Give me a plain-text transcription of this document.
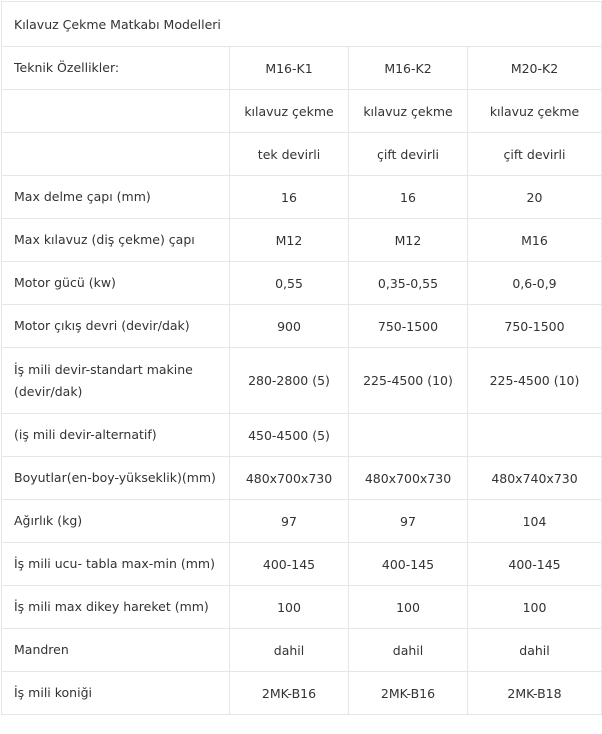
Kılavuz Çekme Matkabı Modelleri			
Teknik Özellikler:	M16-K1	M16-K2	M20-K2
	kılavuz çekme	kılavuz çekme	kılavuz çekme
	tek devirli	çift devirli	çift devirli
Max delme çapı (mm)	16	16	20
Max kılavuz (diş çekme) çapı	M12	M12	M16
Motor gücü (kw)	0,55	0,35-0,55	0,6-0,9
Motor çıkış devri (devir/dak)	900	750-1500	750-1500
İş mili devir-standart makine (devir/dak)	280-2800 (5)	225-4500 (10)	225-4500 (10)
(iş mili devir-alternatif)	450-4500 (5)		
Boyutlar(en-boy-yükseklik)(mm)	480x700x730	480x700x730	480x740x730
Ağırlık (kg)	97	97	104
İş mili ucu- tabla max-min (mm)	400-145	400-145	400-145
İş mili max dikey hareket (mm)	100	100	100
Mandren	dahil	dahil	dahil
İş mili koniği	2MK-B16	2MK-B16	2MK-B18
